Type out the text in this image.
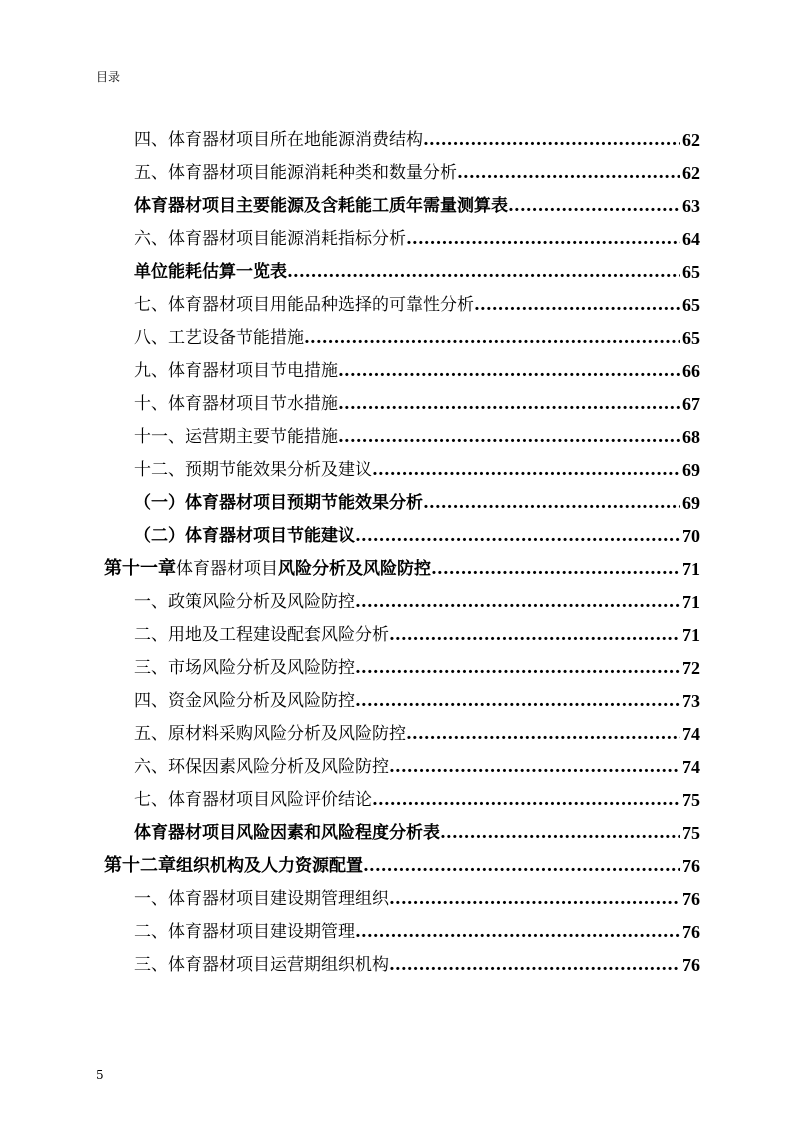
目录
四、体育器材项目所在地能源消费结构 .....	62
五、体育器材项目能源消耗种类和数量分析 .....	62
体育器材项目主要能源及含耗能工质年需量测算表 .....	63
六、体育器材项目能源消耗指标分析 .....	64
单位能耗估算一览表 .....	65
七、体育器材项目用能品种选择的可靠性分析 .....	65
八、工艺设备节能措施 .....	65
九、体育器材项目节电措施 .....	66
十、体育器材项目节水措施 .....	67
十一、运营期主要节能措施 .....	68
十二、预期节能效果分析及建议 .....	69
（一）体育器材项目预期节能效果分析 .....	69
（二）体育器材项目节能建议 .....	70
第十一章 体育器材项目 风险分析及风险防控 .....	71
一、政策风险分析及风险防控 .....	71
二、用地及工程建设配套风险分析 .....	71
三、市场风险分析及风险防控 .....	72
四、资金风险分析及风险防控 .....	73
五、原材料采购风险分析及风险防控 .....	74
六、环保因素风险分析及风险防控 .....	74
七、体育器材项目风险评价结论 .....	75
体育器材项目风险因素和风险程度分析表 .....	75
第十二章 组织机构及人力资源配置 .....	76
一、体育器材项目建设期管理组织 .....	76
二、体育器材项目建设期管理 .....	76
三、体育器材项目运营期组织机构 .....	76
5
